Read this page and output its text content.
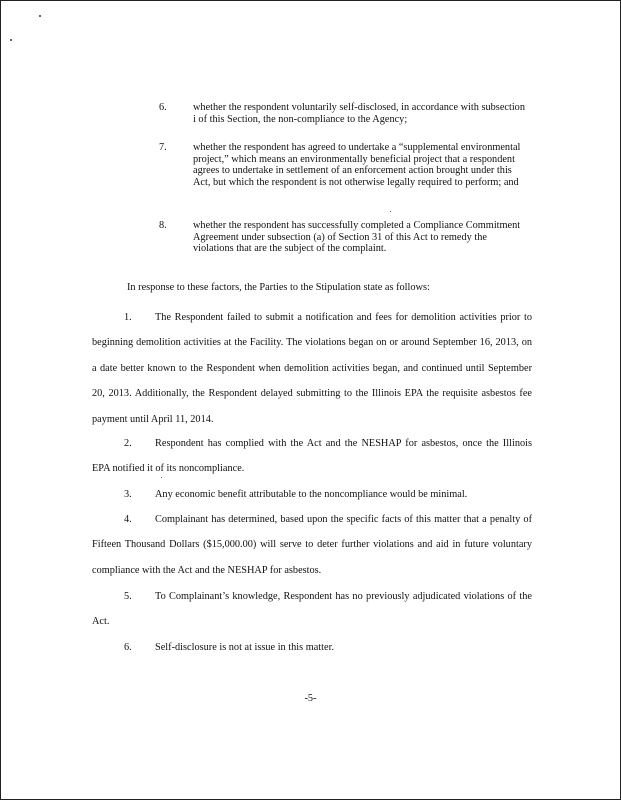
6.	whether the respondent voluntarily self-disclosed, in accordance with subsection i of this Section, the non-compliance to the Agency;
7.	whether the respondent has agreed to undertake a “supplemental environmental project,” which means an environmentally beneficial project that a respondent agrees to undertake in settlement of an enforcement action brought under this Act, but which the respondent is not otherwise legally required to perform; and
8.	whether the respondent has successfully completed a Compliance Commitment Agreement under subsection (a) of Section 31 of this Act to remedy the violations that are the subject of the complaint.
In response to these factors, the Parties to the Stipulation state as follows:
1. The Respondent failed to submit a notification and fees for demolition activities prior to beginning demolition activities at the Facility. The violations began on or around September 16, 2013, on a date better known to the Respondent when demolition activities began, and continued until September 20, 2013. Additionally, the Respondent delayed submitting to the Illinois EPA the requisite asbestos fee payment until April 11, 2014.
2. Respondent has complied with the Act and the NESHAP for asbestos, once the Illinois EPA notified it of its noncompliance.
3. Any economic benefit attributable to the noncompliance would be minimal.
4. Complainant has determined, based upon the specific facts of this matter that a penalty of Fifteen Thousand Dollars ($15,000.00) will serve to deter further violations and aid in future voluntary compliance with the Act and the NESHAP for asbestos.
5. To Complainant’s knowledge, Respondent has no previously adjudicated violations of the Act.
6. Self-disclosure is not at issue in this matter.
-5-
